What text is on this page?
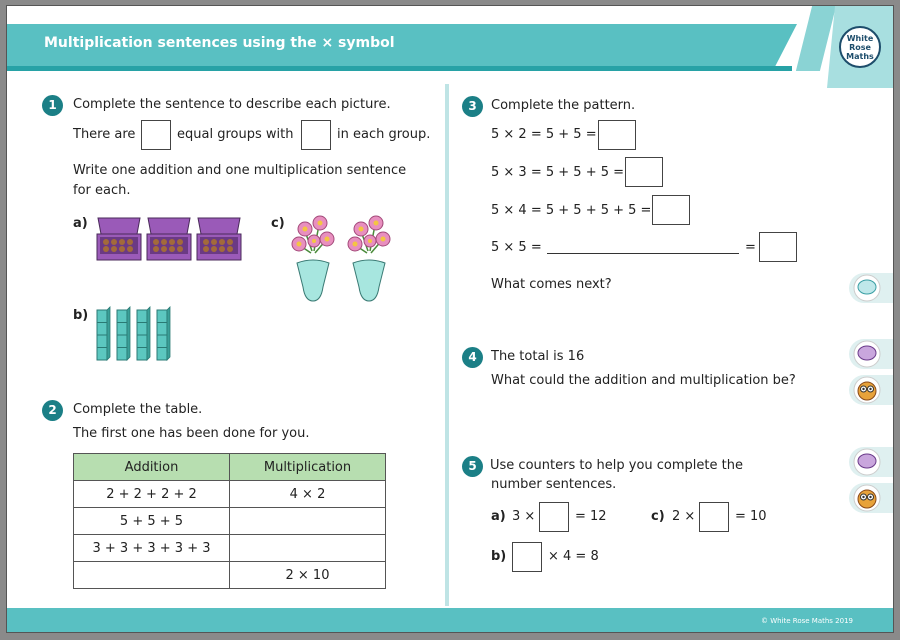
Multiplication sentences using the × symbol	White
Rose
Maths
1	Complete the sentence to describe each picture.
There are	equal groups with	in each group.
Write one addition and one multiplication sentence
for each.
a)	c)
b)
2	Complete the table.
The first one has been done for you.
Addition	Multiplication
2 + 2 + 2 + 2	4 × 2
5 + 5 + 5	
3 + 3 + 3 + 3 + 3	
	2 × 10
3	Complete the pattern.
5 × 2 = 5 + 5 =
5 × 3 = 5 + 5 + 5 =
5 × 4 = 5 + 5 + 5 + 5 =
5 × 5 =	=
What comes next?
4	The total is 16
What could the addition and multiplication be?
5	Use counters to help you complete the
number sentences.
a) 3 ×	= 12	c) 2 ×	= 10
b)	× 4 = 8
© White Rose Maths 2019
